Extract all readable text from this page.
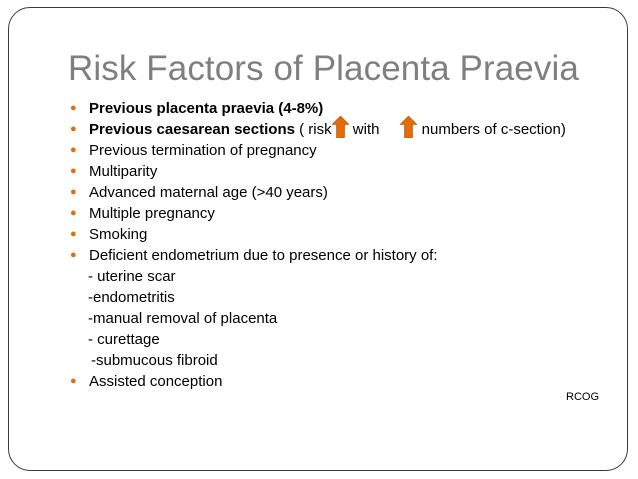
Risk Factors of Placenta Praevia
● Previous placenta praevia (4-8%)
● Previous caesarean sections ( risk with	numbers of c-section)
● Previous termination of pregnancy
● Multiparity
● Advanced maternal age (>40 years)
● Multiple pregnancy
● Smoking
● Deficient endometrium due to presence or history of:
- uterine scar
-endometritis
-manual removal of placenta
- curettage
-submucous fibroid
● Assisted conception
RCOG
